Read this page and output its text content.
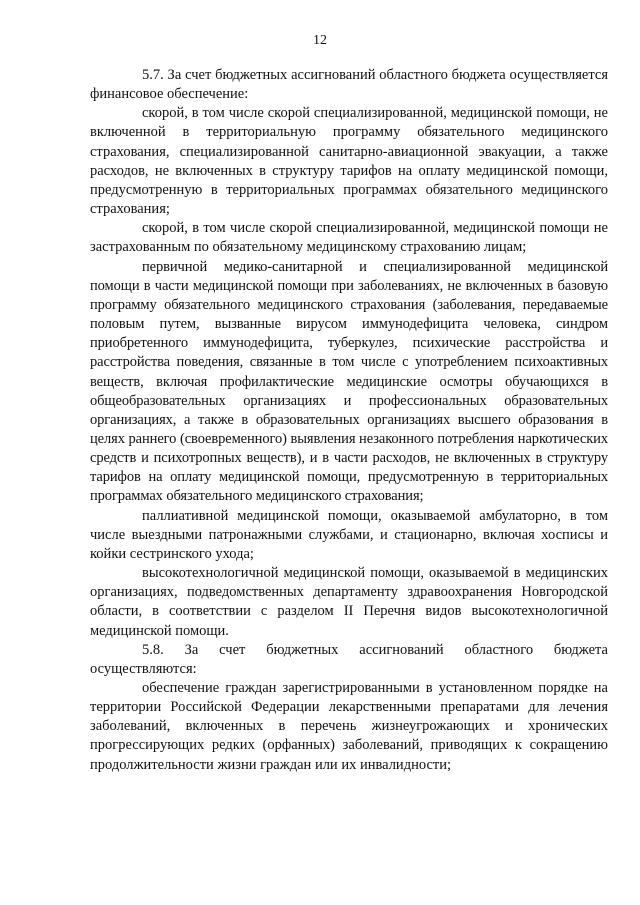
12

5.7. За счет бюджетных ассигнований областного бюджета осуществляется финансовое обеспечение:

скорой, в том числе скорой специализированной, медицинской помощи, не включенной в территориальную программу обязательного медицинского страхования, специализированной санитарно-авиационной эвакуации, а также расходов, не включенных в структуру тарифов на оплату медицинской помощи, предусмотренную в территориальных программах обязательного медицинского страхования;

скорой, в том числе скорой специализированной, медицинской помощи не застрахованным по обязательному медицинскому страхованию лицам;

первичной медико-санитарной и специализированной медицинской помощи в части медицинской помощи при заболеваниях, не включенных в базовую программу обязательного медицинского страхования (заболевания, передаваемые половым путем, вызванные вирусом иммунодефицита человека, синдром приобретенного иммунодефицита, туберкулез, психические расстройства и расстройства поведения, связанные в том числе с употреблением психоактивных веществ, включая профилактические медицинские осмотры обучающихся в общеобразовательных организациях и профессиональных образовательных организациях, а также в образовательных организациях высшего образования в целях раннего (своевременного) выявления незаконного потребления наркотических средств и психотропных веществ), и в части расходов, не включенных в структуру тарифов на оплату медицинской помощи, предусмотренную в территориальных программах обязательного медицинского страхования;

паллиативной медицинской помощи, оказываемой амбулаторно, в том числе выездными патронажными службами, и стационарно, включая хосписы и койки сестринского ухода;

высокотехнологичной медицинской помощи, оказываемой в медицинских организациях, подведомственных департаменту здравоохранения Новгородской области, в соответствии с разделом II Перечня видов высокотехнологичной медицинской помощи.

5.8. За счет бюджетных ассигнований областного бюджета осуществляются:

обеспечение граждан зарегистрированными в установленном порядке на территории Российской Федерации лекарственными препаратами для лечения заболеваний, включенных в перечень жизнеугрожающих и хронических прогрессирующих редких (орфанных) заболеваний, приводящих к сокращению продолжительности жизни граждан или их инвалидности;
